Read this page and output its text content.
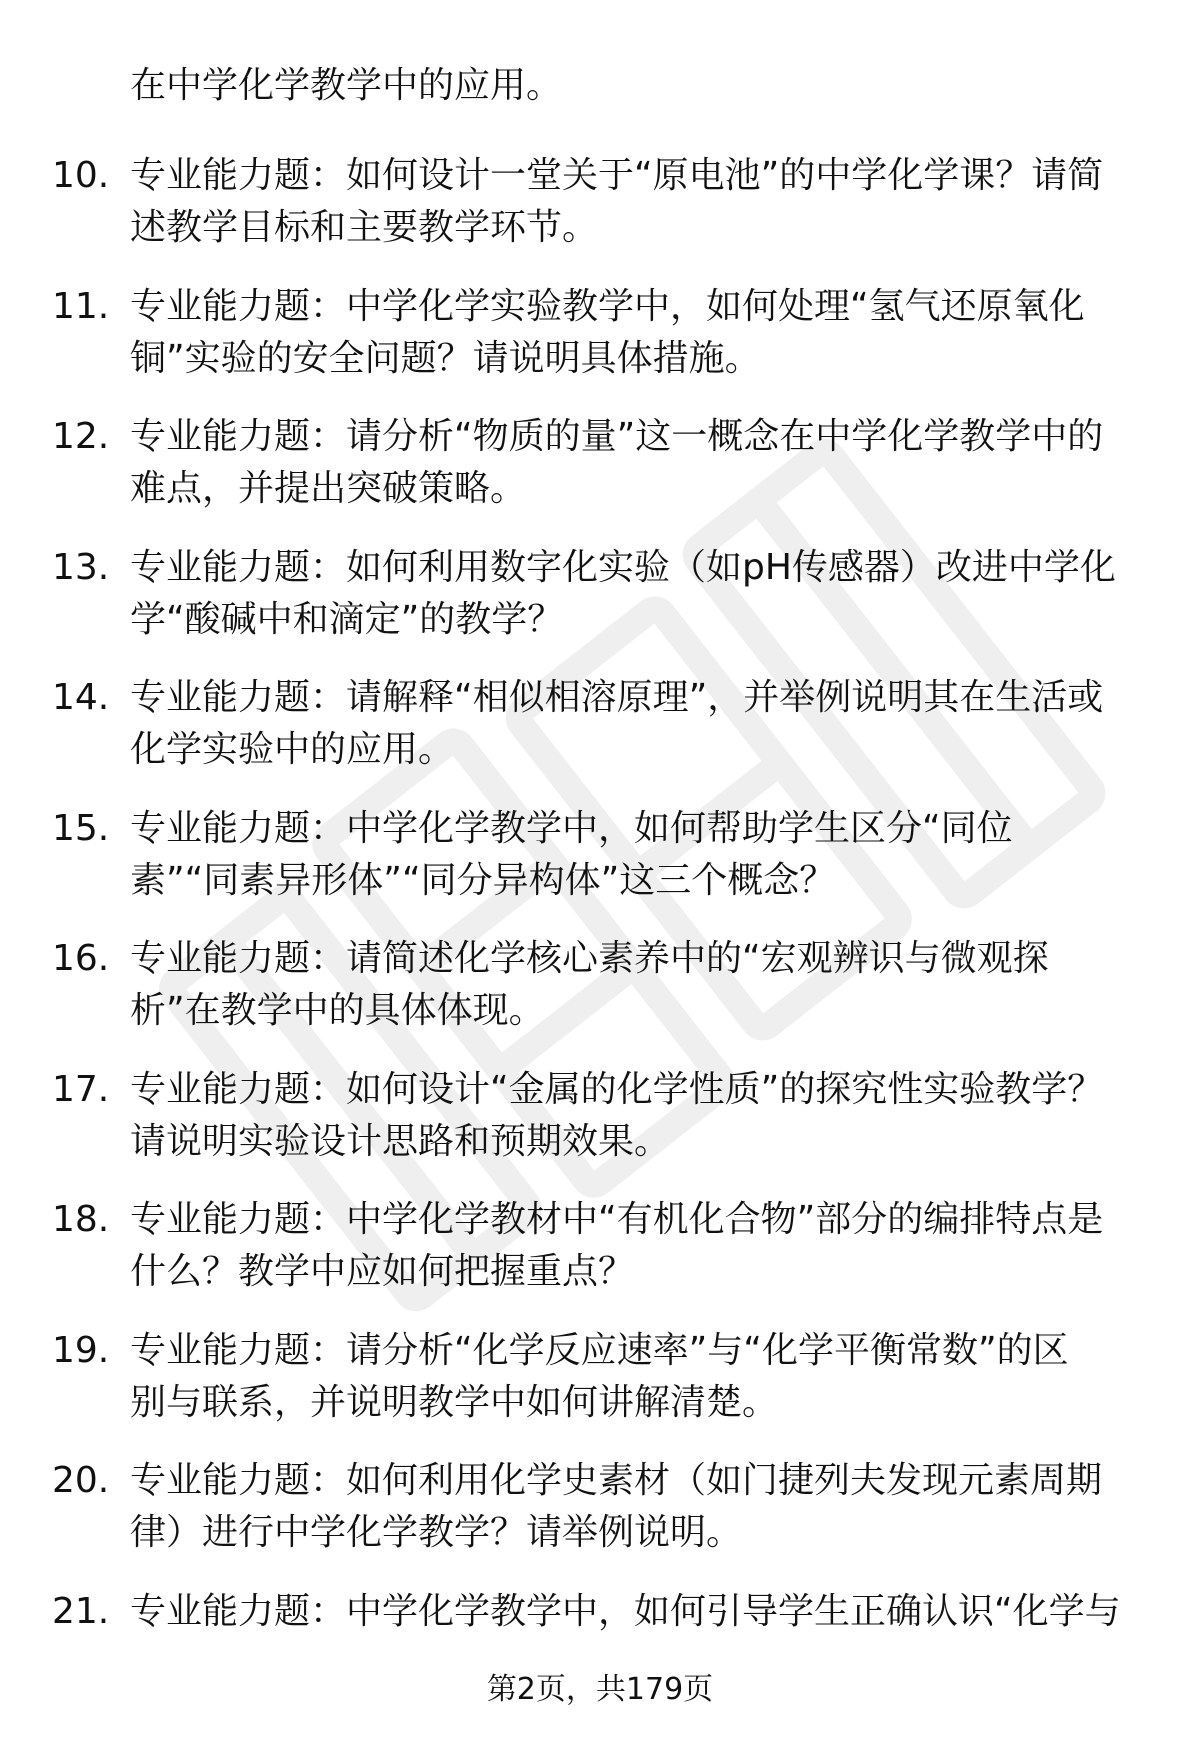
在中学化学教学中的应用。
10. 专业能力题：如何设计一堂关于“原电池”的中学化学课？请简
述教学目标和主要教学环节。
11. 专业能力题：中学化学实验教学中，如何处理“氢气还原氧化
铜”实验的安全问题？请说明具体措施。
12. 专业能力题：请分析“物质的量”这一概念在中学化学教学中的
难点，并提出突破策略。
13. 专业能力题：如何利用数字化实验（如pH传感器）改进中学化
学“酸碱中和滴定”的教学？
14. 专业能力题：请解释“相似相溶原理”，并举例说明其在生活或
化学实验中的应用。
15. 专业能力题：中学化学教学中，如何帮助学生区分“同位
素”“同素异形体”“同分异构体”这三个概念？
16. 专业能力题：请简述化学核心素养中的“宏观辨识与微观探
析”在教学中的具体体现。
17. 专业能力题：如何设计“金属的化学性质”的探究性实验教学？
请说明实验设计思路和预期效果。
18. 专业能力题：中学化学教材中“有机化合物”部分的编排特点是
什么？教学中应如何把握重点？
19. 专业能力题：请分析“化学反应速率”与“化学平衡常数”的区
别与联系，并说明教学中如何讲解清楚。
20. 专业能力题：如何利用化学史素材（如门捷列夫发现元素周期
律）进行中学化学教学？请举例说明。
21. 专业能力题：中学化学教学中，如何引导学生正确认识“化学与
第2页，共179页
